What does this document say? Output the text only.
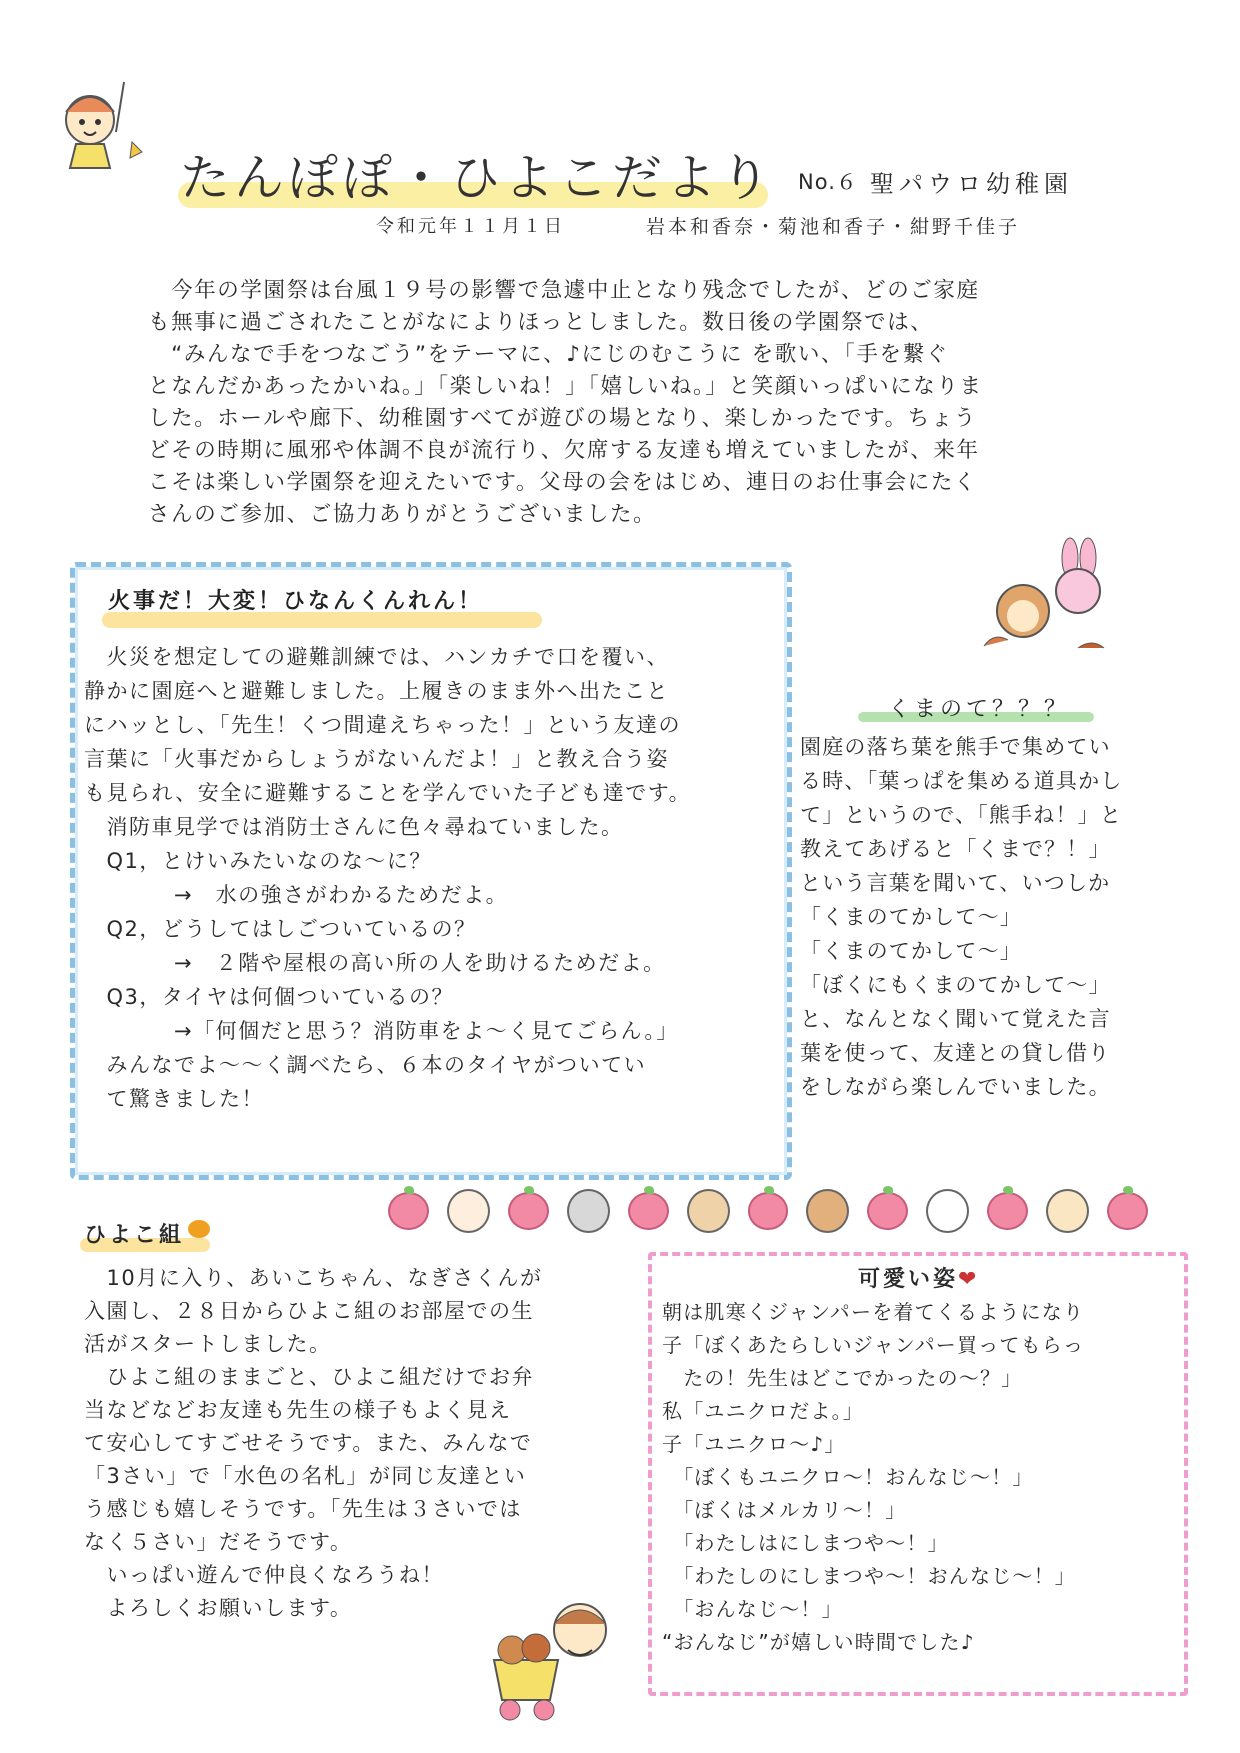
たんぽぽ・ひよこだより No.６ 聖パウロ幼稚園
令和元年１１月１日	岩本和香奈・菊池和香子・紺野千佳子

　今年の学園祭は台風１９号の影響で急遽中止となり残念でしたが、どのご家庭

も無事に過ごされたことがなによりほっとしました。数日後の学園祭では、

　“みんなで手をつなごう”をテーマに、♪にじのむこうに を歌い、「手を繋ぐ

となんだかあったかいね。」「楽しいね！」「嬉しいね。」と笑顔いっぱいになりま

した。ホールや廊下、幼稚園すべてが遊びの場となり、楽しかったです。ちょう

どその時期に風邪や体調不良が流行り、欠席する友達も増えていましたが、来年

こそは楽しい学園祭を迎えたいです。父母の会をはじめ、連日のお仕事会にたく

さんのご参加、ご協力ありがとうございました。

火事だ！大変！ひなんくんれん！

　火災を想定しての避難訓練では、ハンカチで口を覆い、

静かに園庭へと避難しました。上履きのまま外へ出たこと

にハッとし、「先生！くつ間違えちゃった！」という友達の

言葉に「火事だからしょうがないんだよ！」と教え合う姿

も見られ、安全に避難することを学んでいた子ども達です。

　消防車見学では消防士さんに色々尋ねていました。

　Q1，とけいみたいなのな～に？

　　　　→　水の強さがわかるためだよ。

　Q2，どうしてはしごついているの？

　　　　→　２階や屋根の高い所の人を助けるためだよ。

　Q3，タイヤは何個ついているの？

　　　　→「何個だと思う？消防車をよ～く見てごらん。」

　みんなでよ～～く調べたら、６本のタイヤがついてい

　て驚きました！

くまのて？？？

園庭の落ち葉を熊手で集めてい

る時、「葉っぱを集める道具かし

て」というので、「熊手ね！」と

教えてあげると「くまで？！」

という言葉を聞いて、いつしか

「くまのてかして～」

「くまのてかして～」

「ぼくにもくまのてかして～」

と、なんとなく聞いて覚えた言

葉を使って、友達との貸し借り

をしながら楽しんでいました。

ひよこ組

　10月に入り、あいこちゃん、なぎさくんが

入園し、２８日からひよこ組のお部屋での生

活がスタートしました。

　ひよこ組のままごと、ひよこ組だけでお弁

当などなどお友達も先生の様子もよく見え

て安心してすごせそうです。また、みんなで

「3さい」で「水色の名札」が同じ友達とい

う感じも嬉しそうです。「先生は３さいでは

なく５さい」だそうです。

　いっぱい遊んで仲良くなろうね！

　よろしくお願いします。

可愛い姿❤

朝は肌寒くジャンパーを着てくるようになり

子「ぼくあたらしいジャンパー買ってもらっ

　たの！先生はどこでかったの～？」

私「ユニクロだよ。」

子「ユニクロ～♪」

　「ぼくもユニクロ～！おんなじ～！」

　「ぼくはメルカリ～！」

　「わたしはにしまつや～！」

　「わたしのにしまつや～！おんなじ～！」

　「おんなじ～！」

“おんなじ”が嬉しい時間でした♪
